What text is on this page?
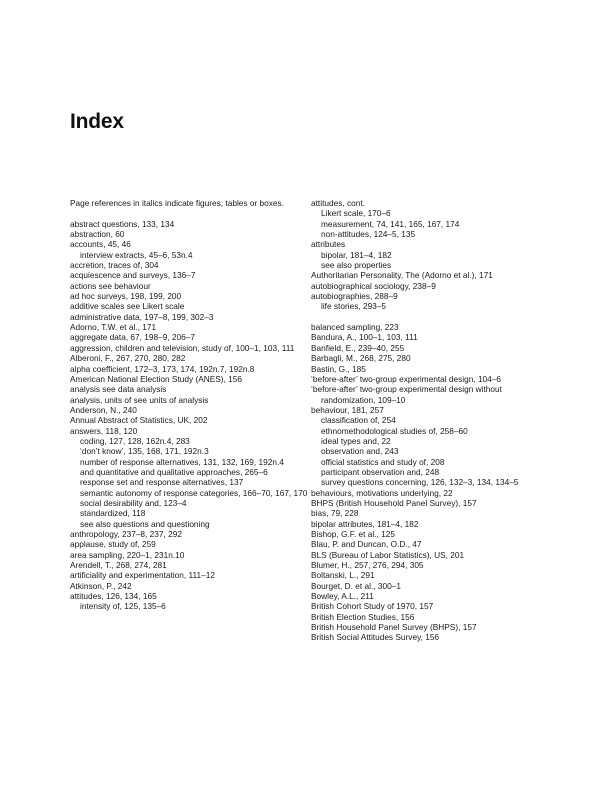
Index
Page references in italics indicate figures, tables or boxes.
abstract questions, 133, 134
abstraction, 60
accounts, 45, 46
interview extracts, 45–6, 53n.4
accretion, traces of, 304
acquiescence and surveys, 136–7
actions see behaviour
ad hoc surveys, 198, 199, 200
additive scales see Likert scale
administrative data, 197–8, 199, 302–3
Adorno, T.W. et al., 171
aggregate data, 67, 198–9, 206–7
aggression, children and television, study of, 100–1, 103, 111
Alberoni, F., 267, 270, 280, 282
alpha coefficient, 172–3, 173, 174, 192n.7, 192n.8
American National Election Study (ANES), 156
analysis see data analysis
analysis, units of see units of analysis
Anderson, N., 240
Annual Abstract of Statistics, UK, 202
answers, 118, 120
coding, 127, 128, 162n.4, 283
‘don’t know’, 135, 168, 171, 192n.3
number of response alternatives, 131, 132, 169, 192n.4
and quantitative and qualitative approaches, 265–6
response set and response alternatives, 137
semantic autonomy of response categories, 166–70, 167, 170
social desirability and, 123–4
standardized, 118
see also questions and questioning
anthropology, 237–8, 237, 292
applause, study of, 259
area sampling, 220–1, 231n.10
Arendell, T., 268, 274, 281
artificiality and experimentation, 111–12
Atkinson, P., 242
attitudes, 126, 134, 165
intensity of, 125, 135–6
attitudes, cont.
Likert scale, 170–6
measurement, 74, 141, 165, 167, 174
non-attitudes, 124–5, 135
attributes
bipolar, 181–4, 182
see also properties
Authoritarian Personality, The (Adorno et al.), 171
autobiographical sociology, 238–9
autobiographies, 288–9
life stories, 293–5
balanced sampling, 223
Bandura, A., 100–1, 103, 111
Banfield, E., 239–40, 255
Barbagli, M., 268, 275, 280
Bastin, G., 185
‘before-after’ two-group experimental design, 104–6
‘before-after’ two-group experimental design without randomization, 109–10
behaviour, 181, 257
classification of, 254
ethnomethodological studies of, 258–60
ideal types and, 22
observation and, 243
official statistics and study of, 208
participant observation and, 248
survey questions concerning, 126, 132–3, 134, 134–5
behaviours, motivations underlying, 22
BHPS (British Household Panel Survey), 157
bias, 79, 228
bipolar attributes, 181–4, 182
Bishop, G.F. et al., 125
Blau, P. and Duncan, O.D., 47
BLS (Bureau of Labor Statistics), US, 201
Blumer, H., 257, 276, 294, 305
Boltanski, L., 291
Bourget, D. et al., 300–1
Bowley, A.L., 211
British Cohort Study of 1970, 157
British Election Studies, 156
British Household Panel Survey (BHPS), 157
British Social Attitudes Survey, 156
